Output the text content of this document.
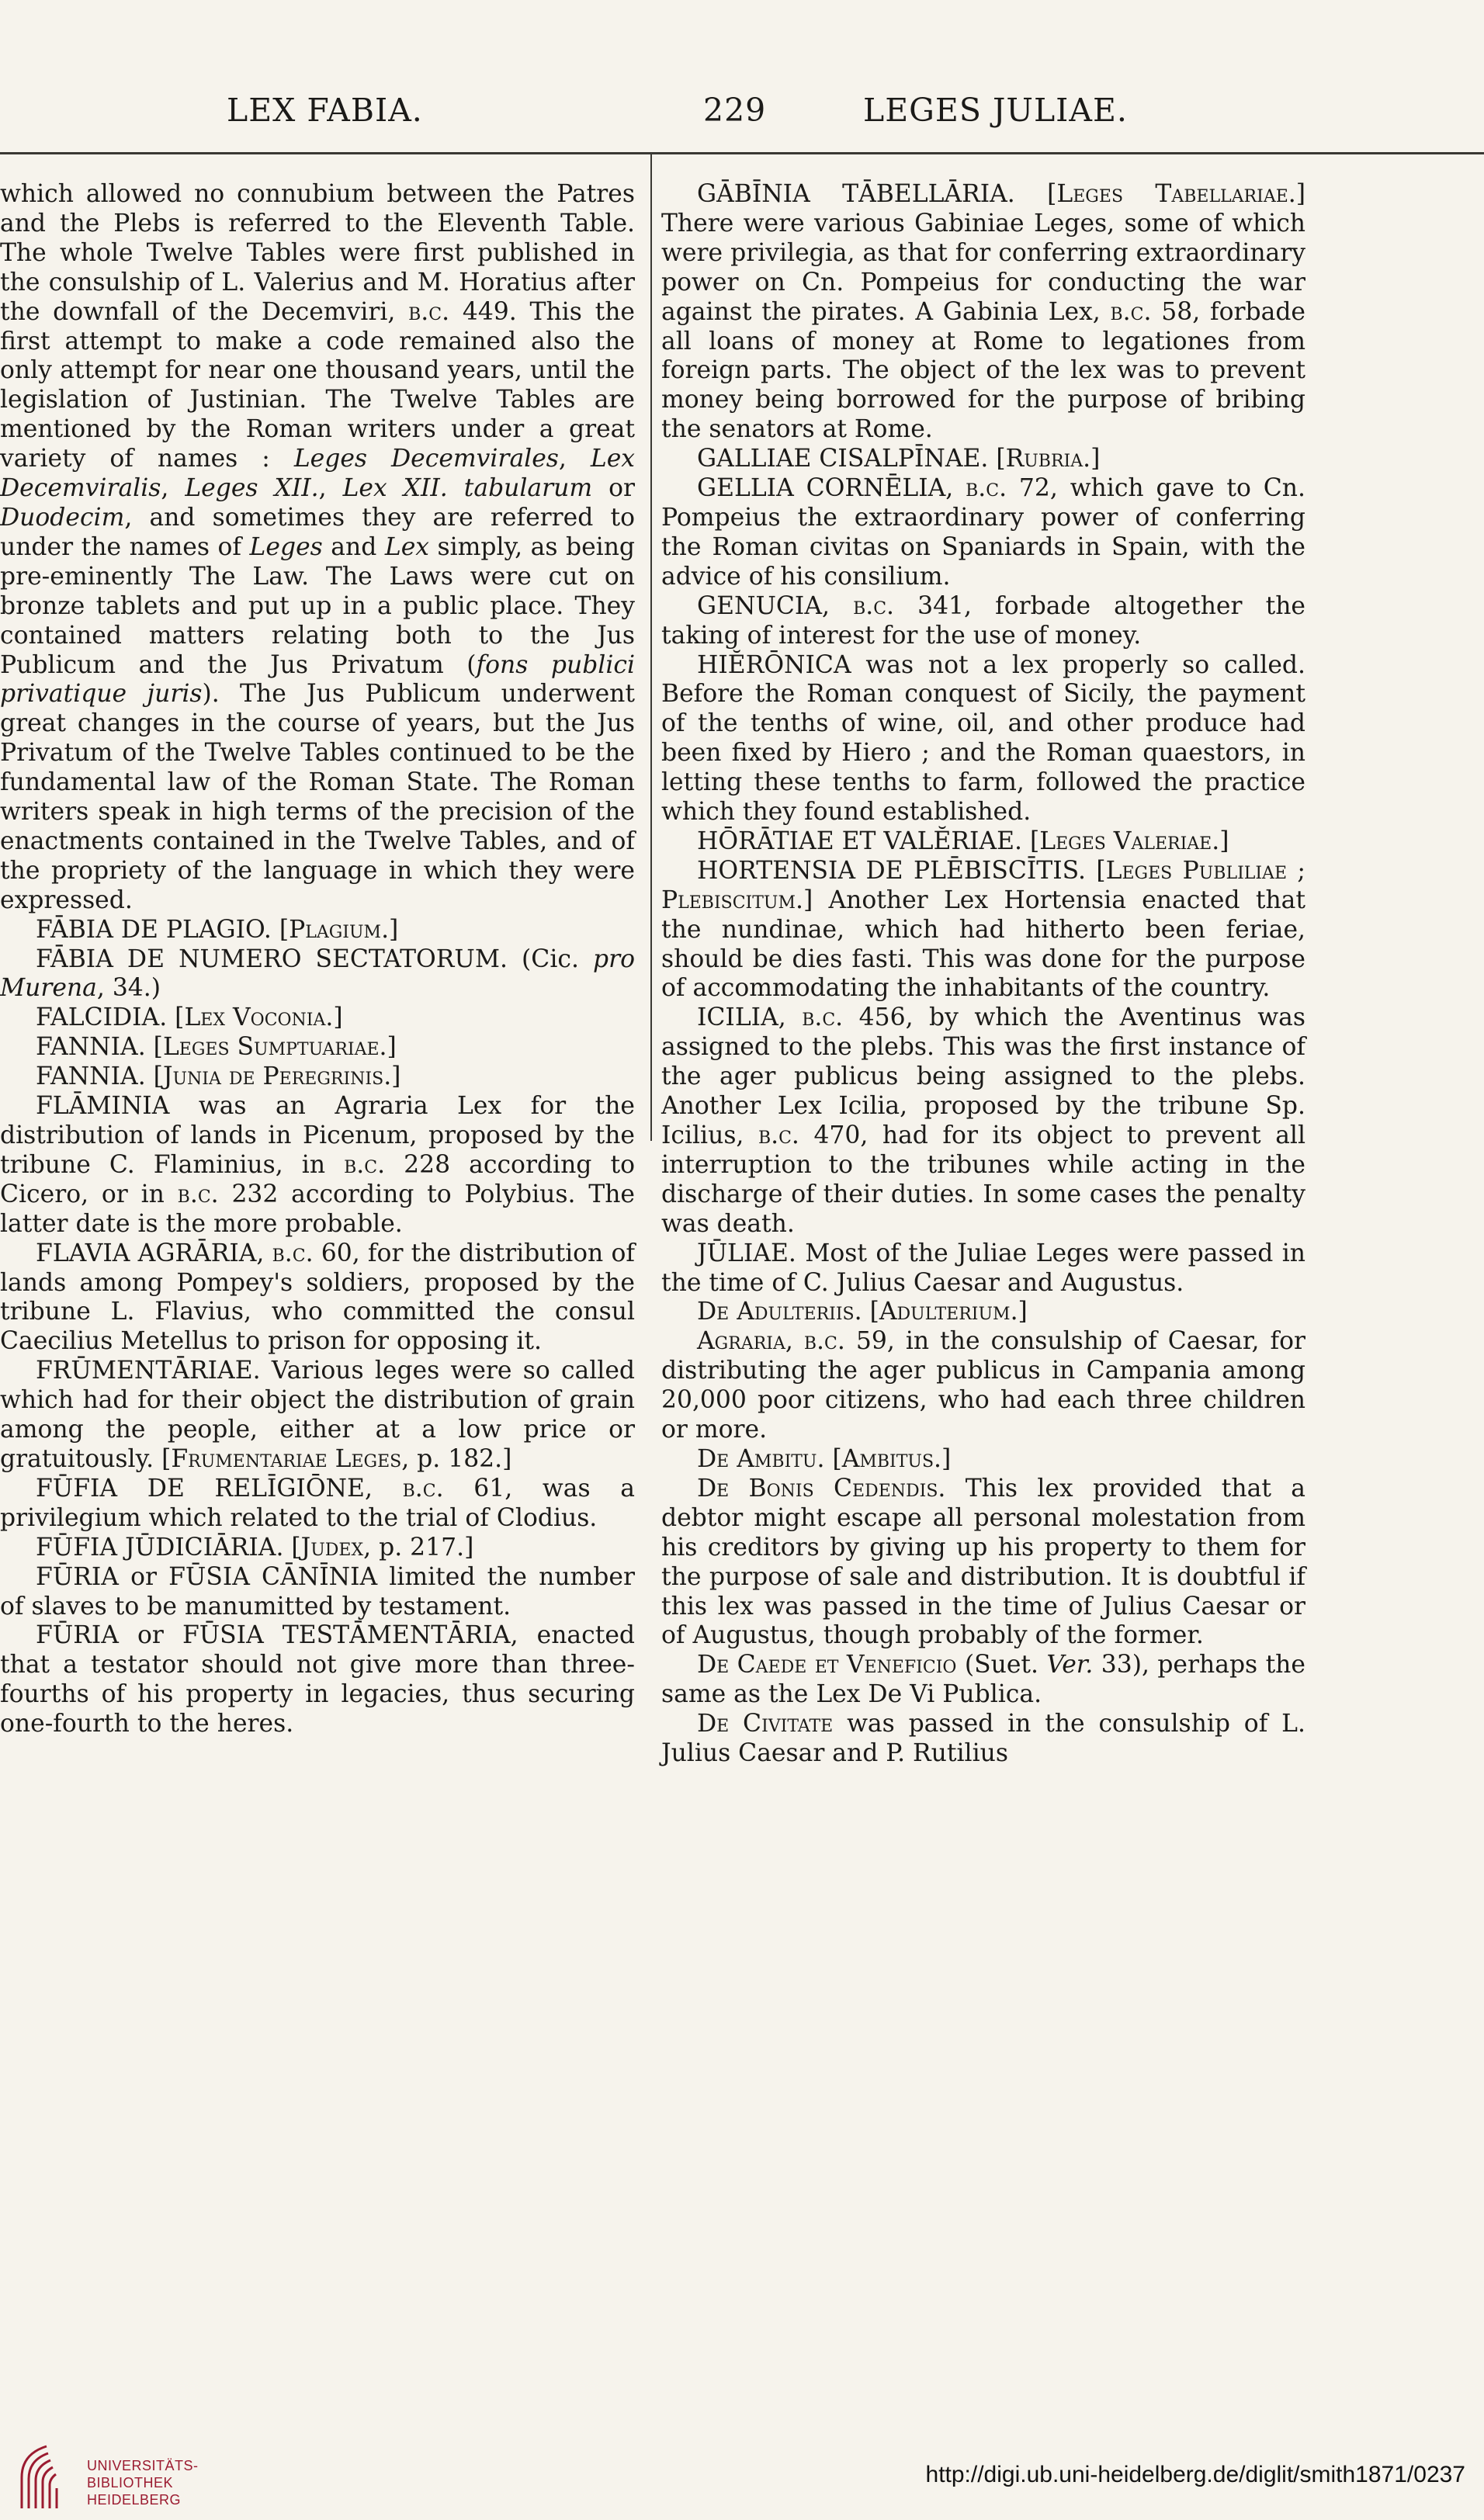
LEX FABIA.	229	LEGES JULIAE.

which allowed no connubium between the Patres and the Plebs is referred to the Eleventh Table. The whole Twelve Tables were first published in the consulship of L. Valerius and M. Horatius after the downfall of the Decemviri, b.c. 449. This the first attempt to make a code remained also the only attempt for near one thousand years, until the legislation of Justinian. The Twelve Tables are mentioned by the Roman writers under a great variety of names : Leges Decemvirales, Lex Decemviralis, Leges XII., Lex XII. tabularum or Duodecim, and sometimes they are referred to under the names of Leges and Lex simply, as being pre-eminently The Law. The Laws were cut on bronze tablets and put up in a public place. They contained matters relating both to the Jus Publicum and the Jus Privatum (fons publici privatique juris). The Jus Publicum underwent great changes in the course of years, but the Jus Privatum of the Twelve Tables continued to be the fundamental law of the Roman State. The Roman writers speak in high terms of the precision of the enactments contained in the Twelve Tables, and of the propriety of the language in which they were expressed.

FĀBIA DE PLAGIO. [Plagium.]

FĀBIA DE NUMERO SECTATORUM. (Cic. pro Murena, 34.)

FALCIDIA. [Lex Voconia.]

FANNIA. [Leges Sumptuariae.]

FANNIA. [Junia de Peregrinis.]

FLĀMINIA was an Agraria Lex for the distribution of lands in Picenum, proposed by the tribune C. Flaminius, in b.c. 228 according to Cicero, or in b.c. 232 according to Polybius. The latter date is the more probable.

FLAVIA AGRĀRIA, b.c. 60, for the distribution of lands among Pompey's soldiers, proposed by the tribune L. Flavius, who committed the consul Caecilius Metellus to prison for opposing it.

FRŪMENTĀRIAE. Various leges were so called which had for their object the distribution of grain among the people, either at a low price or gratuitously. [Frumentariae Leges, p. 182.]

FŪFIA DE RELĪGIŌNE, b.c. 61, was a privilegium which related to the trial of Clodius.

FŪFIA JŪDICIĀRIA. [Judex, p. 217.]

FŪRIA or FŪSIA CĀNĪNIA limited the number of slaves to be manumitted by testament.

FŪRIA or FŪSIA TESTĀMENTĀRIA, enacted that a testator should not give more than three-fourths of his property in legacies, thus securing one-fourth to the heres.

GĀBĪNIA TĀBELLĀRIA. [Leges Tabellariae.] There were various Gabiniae Leges, some of which were privilegia, as that for conferring extraordinary power on Cn. Pompeius for conducting the war against the pirates. A Gabinia Lex, b.c. 58, forbade all loans of money at Rome to legationes from foreign parts. The object of the lex was to prevent money being borrowed for the purpose of bribing the senators at Rome.

GALLIAE CISALPĪNAE. [Rubria.]

GELLIA CORNĒLIA, b.c. 72, which gave to Cn. Pompeius the extraordinary power of conferring the Roman civitas on Spaniards in Spain, with the advice of his consilium.

GENUCIA, b.c. 341, forbade altogether the taking of interest for the use of money.

HIĔRŌNICA was not a lex properly so called. Before the Roman conquest of Sicily, the payment of the tenths of wine, oil, and other produce had been fixed by Hiero ; and the Roman quaestors, in letting these tenths to farm, followed the practice which they found established.

HŌRĀTIAE ET VALĔRIAE. [Leges Valeriae.]

HORTENSIA DE PLĒBISCĪTIS. [Leges Publiliae ; Plebiscitum.] Another Lex Hortensia enacted that the nundinae, which had hitherto been feriae, should be dies fasti. This was done for the purpose of accommodating the inhabitants of the country.

ICILIA, b.c. 456, by which the Aventinus was assigned to the plebs. This was the first instance of the ager publicus being assigned to the plebs. Another Lex Icilia, proposed by the tribune Sp. Icilius, b.c. 470, had for its object to prevent all interruption to the tribunes while acting in the discharge of their duties. In some cases the penalty was death.

JŪLIAE. Most of the Juliae Leges were passed in the time of C. Julius Caesar and Augustus.

De Adulteriis. [Adulterium.]

Agraria, b.c. 59, in the consulship of Caesar, for distributing the ager publicus in Campania among 20,000 poor citizens, who had each three children or more.

De Ambitu. [Ambitus.]

De Bonis Cedendis. This lex provided that a debtor might escape all personal molestation from his creditors by giving up his property to them for the purpose of sale and distribution. It is doubtful if this lex was passed in the time of Julius Caesar or of Augustus, though probably of the former.

De Caede et Veneficio (Suet. Ver. 33), perhaps the same as the Lex De Vi Publica.

De Civitate was passed in the consulship of L. Julius Caesar and P. Rutilius

UNIVERSITÄTS-
BIBLIOTHEK
HEIDELBERG
http://digi.ub.uni-heidelberg.de/diglit/smith1871/0237
